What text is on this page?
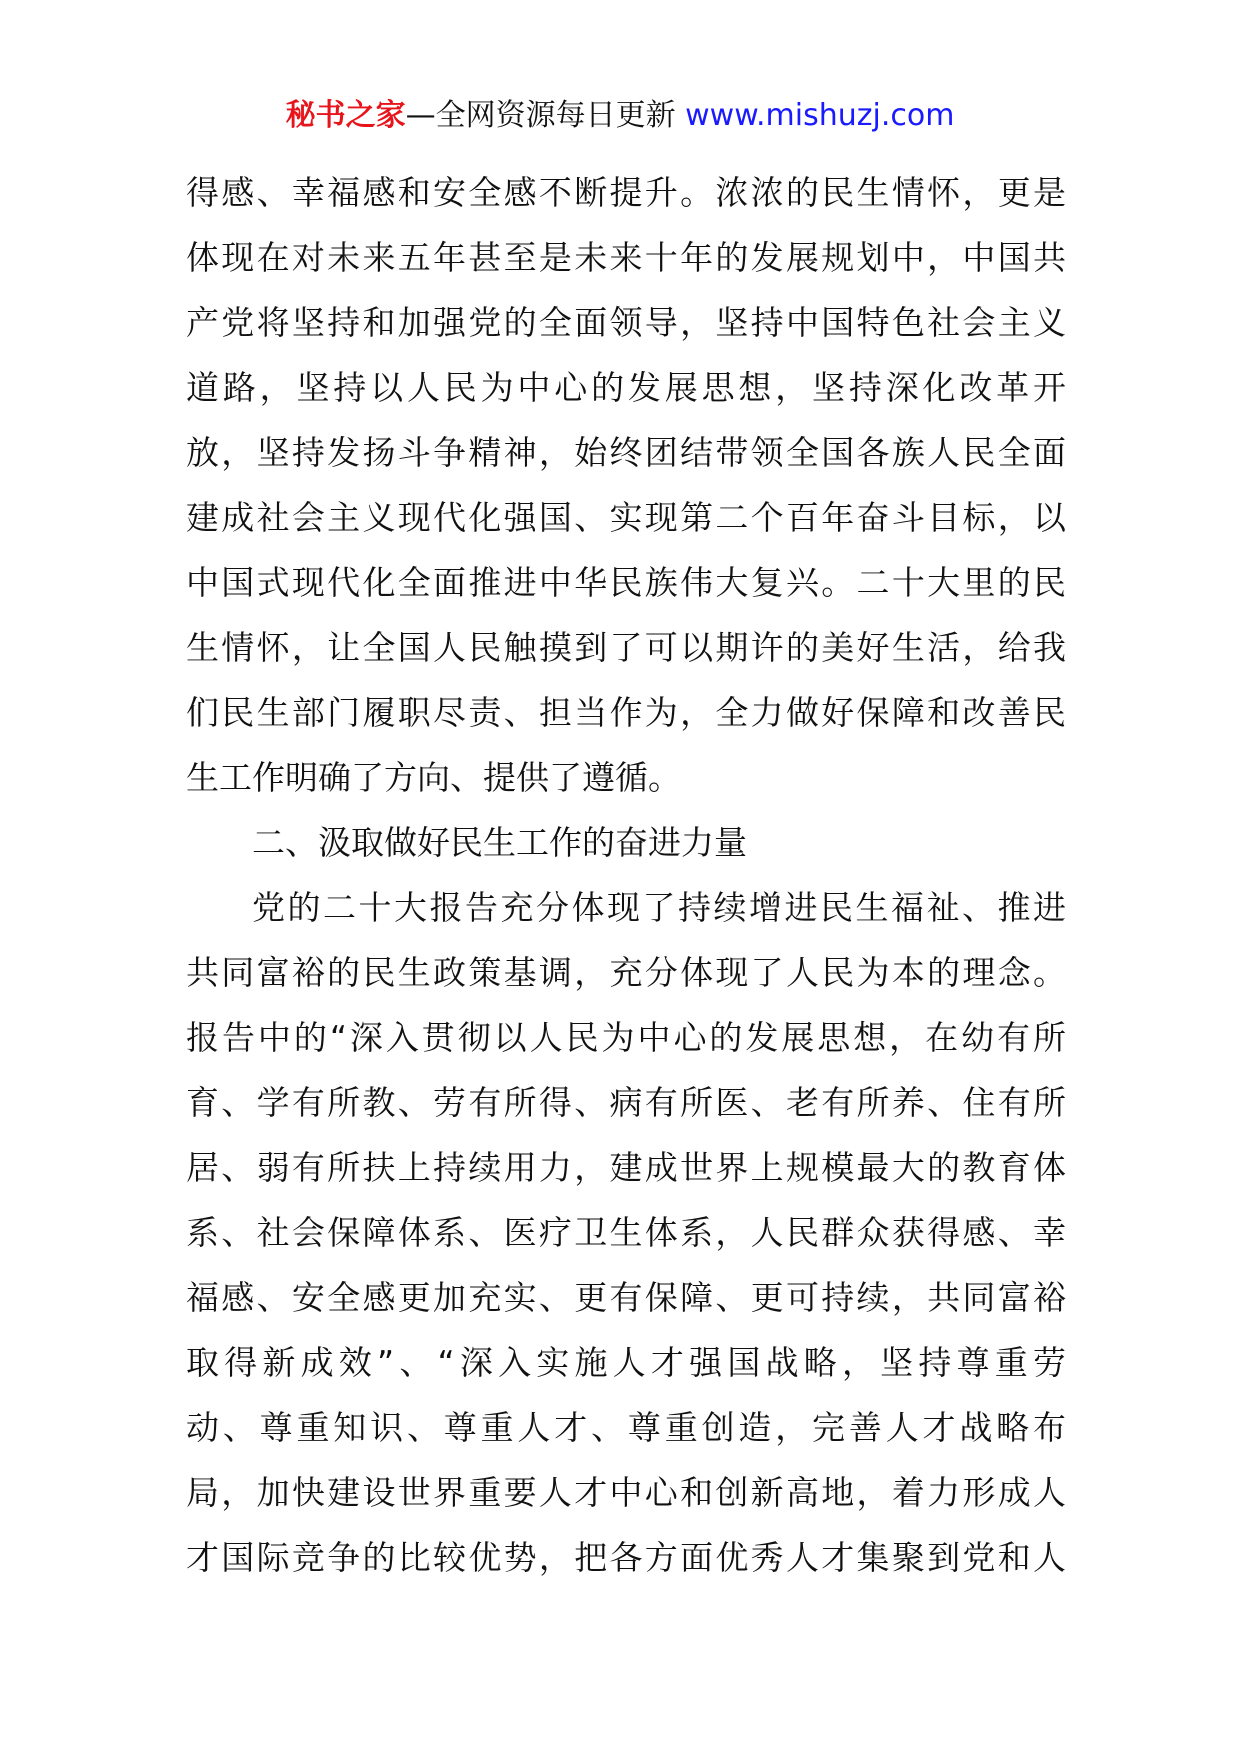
秘书之家—全网资源每日更新 www.mishuzj.com
得感、幸福感和安全感不断提升。浓浓的民生情怀，更是
体现在对未来五年甚至是未来十年的发展规划中，中国共
产党将坚持和加强党的全面领导，坚持中国特色社会主义
道路，坚持以人民为中心的发展思想，坚持深化改革开
放，坚持发扬斗争精神，始终团结带领全国各族人民全面
建成社会主义现代化强国、实现第二个百年奋斗目标，以
中国式现代化全面推进中华民族伟大复兴。二十大里的民
生情怀，让全国人民触摸到了可以期许的美好生活，给我
们民生部门履职尽责、担当作为，全力做好保障和改善民
生工作明确了方向、提供了遵循。
二、汲取做好民生工作的奋进力量
党的二十大报告充分体现了持续增进民生福祉、推进
共同富裕的民生政策基调，充分体现了人民为本的理念。
报告中的“深入贯彻以人民为中心的发展思想，在幼有所
育、学有所教、劳有所得、病有所医、老有所养、住有所
居、弱有所扶上持续用力，建成世界上规模最大的教育体
系、社会保障体系、医疗卫生体系，人民群众获得感、幸
福感、安全感更加充实、更有保障、更可持续，共同富裕
取得新成效”、“深入实施人才强国战略，坚持尊重劳
动、尊重知识、尊重人才、尊重创造，完善人才战略布
局，加快建设世界重要人才中心和创新高地，着力形成人
才国际竞争的比较优势，把各方面优秀人才集聚到党和人
